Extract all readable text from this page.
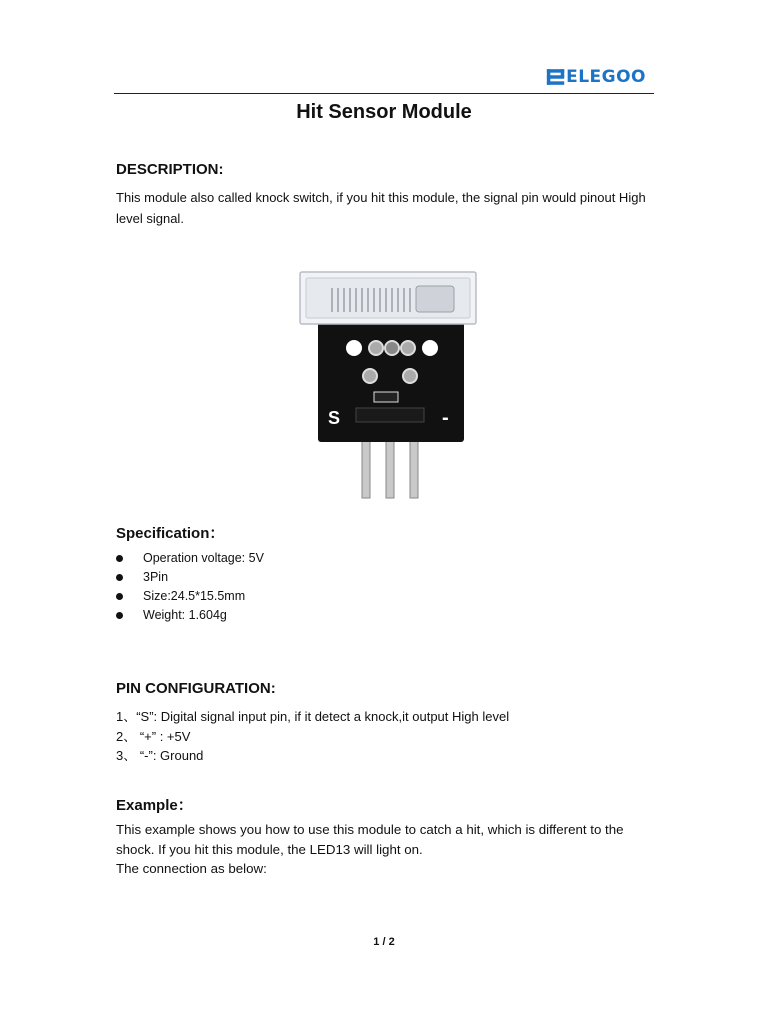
ELEGOO
Hit Sensor Module
DESCRIPTION:
This module also called knock switch, if you hit this module, the signal pin would pinout High level signal.
S	-
Specification：
Operation voltage: 5V
3Pin
Size:24.5*15.5mm
Weight: 1.604g
PIN CONFIGURATION:
1、“S”: Digital signal input pin, if it detect a knock,it output High level
2、 “+” : +5V
3、 “-”: Ground
Example：
This example shows you how to use this module to catch a hit, which is different to the shock. If you hit this module, the LED13 will light on.
The connection as below:
1 / 2
